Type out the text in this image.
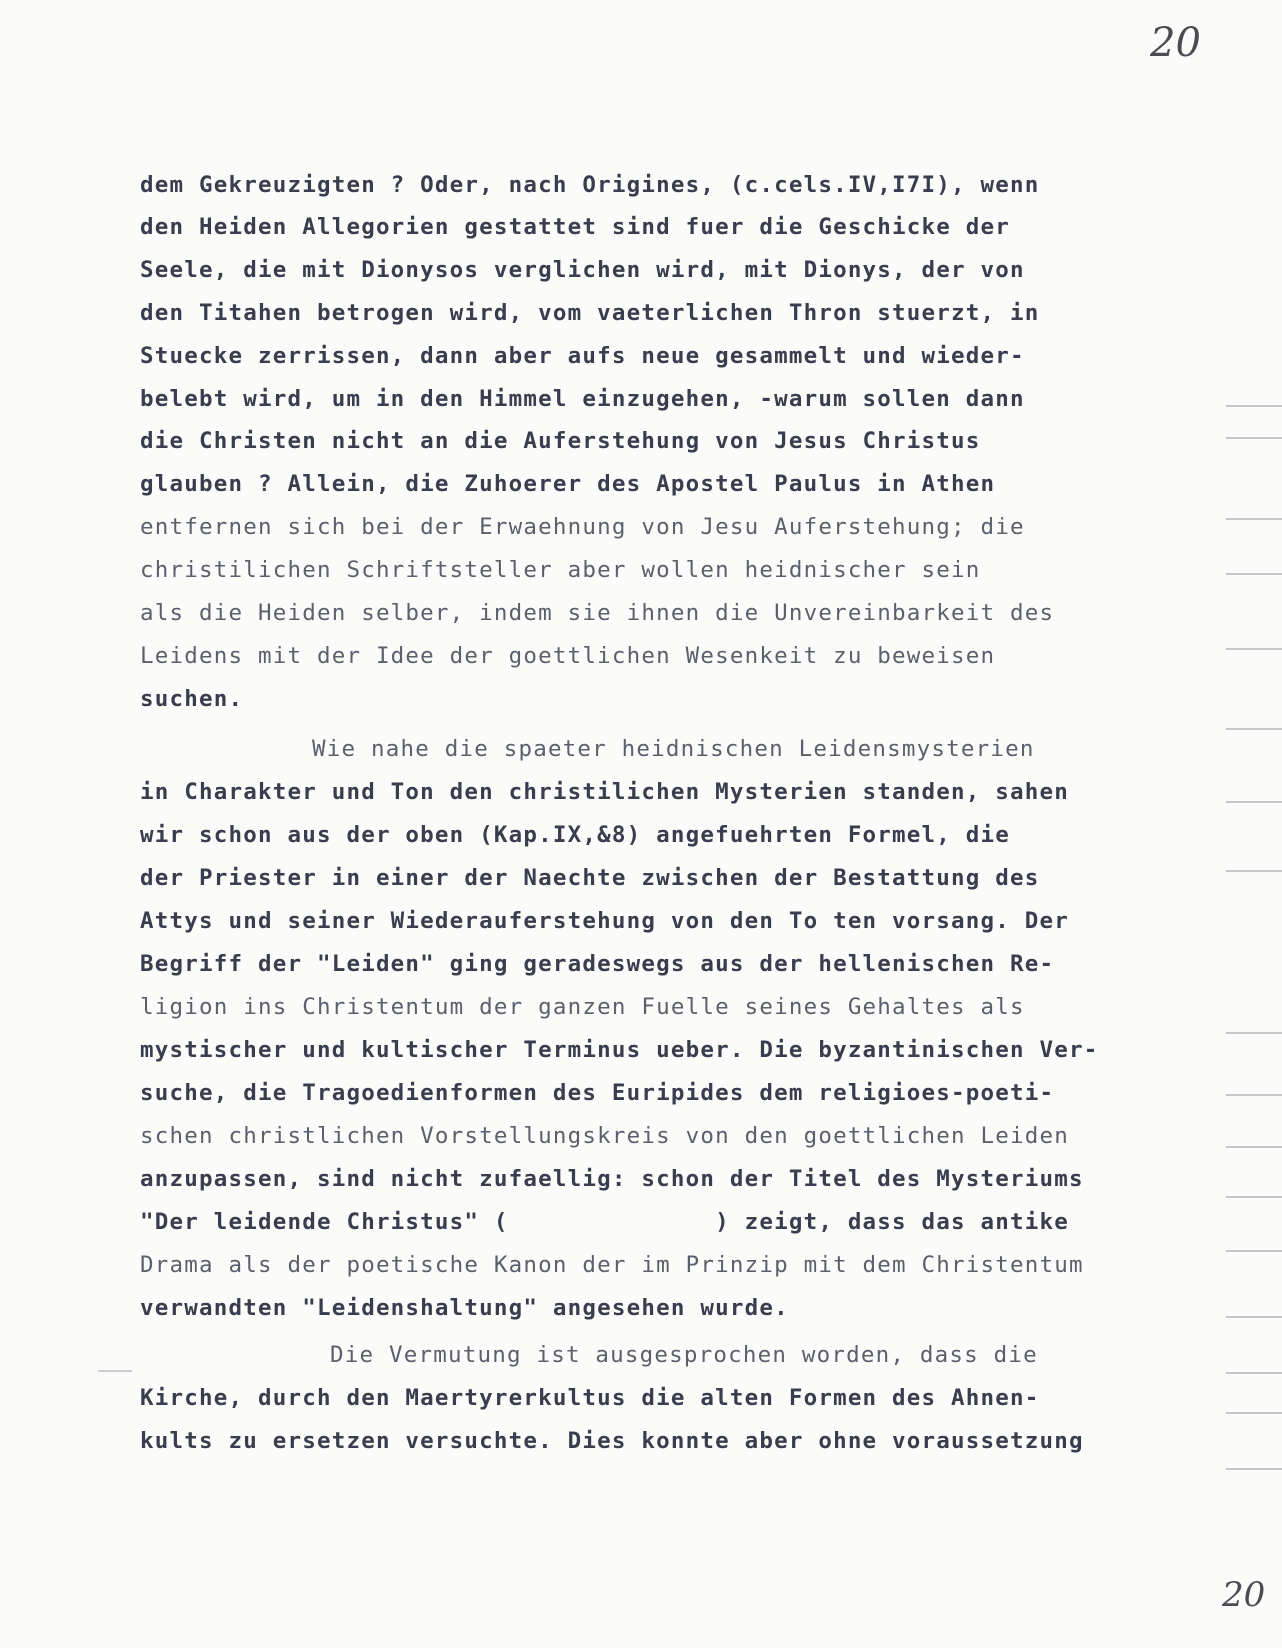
20
dem Gekreuzigten ? Oder, nach Origines, (c.cels.IV,I7I), wenn
den Heiden Allegorien gestattet sind fuer die Geschicke der
Seele, die mit Dionysos verglichen wird, mit Dionys, der von
den Titahen betrogen wird, vom vaeterlichen Thron stuerzt, in
Stuecke zerrissen, dann aber aufs neue gesammelt und wieder-
belebt wird, um in den Himmel einzugehen, -warum sollen dann
die Christen nicht an die Auferstehung von Jesus Christus
glauben ? Allein, die Zuhoerer des Apostel Paulus in Athen
entfernen sich bei der Erwaehnung von Jesu Auferstehung; die
christilichen Schriftsteller aber wollen heidnischer sein
als die Heiden selber, indem sie ihnen die Unvereinbarkeit des
Leidens mit der Idee der goettlichen Wesenkeit zu beweisen
suchen.
Wie nahe die spaeter heidnischen Leidensmysterien
in Charakter und Ton den christilichen Mysterien standen, sahen
wir schon aus der oben (Kap.IX,&8) angefuehrten Formel, die
der Priester in einer der Naechte zwischen der Bestattung des
Attys und seiner Wiederauferstehung von den To ten vorsang. Der
Begriff der "Leiden" ging geradeswegs aus der hellenischen Re-
ligion ins Christentum der ganzen Fuelle seines Gehaltes als
mystischer und kultischer Terminus ueber. Die byzantinischen Ver-
suche, die Tragoedienformen des Euripides dem religioes-poeti-
schen christlichen Vorstellungskreis von den goettlichen Leiden
anzupassen, sind nicht zufaellig: schon der Titel des Mysteriums
"Der leidende Christus" (              ) zeigt, dass das antike
Drama als der poetische Kanon der im Prinzip mit dem Christentum
verwandten "Leidenshaltung" angesehen wurde.
Die Vermutung ist ausgesprochen worden, dass die
Kirche, durch den Maertyrerkultus die alten Formen des Ahnen-
kults zu ersetzen versuchte. Dies konnte aber ohne voraussetzung
20
